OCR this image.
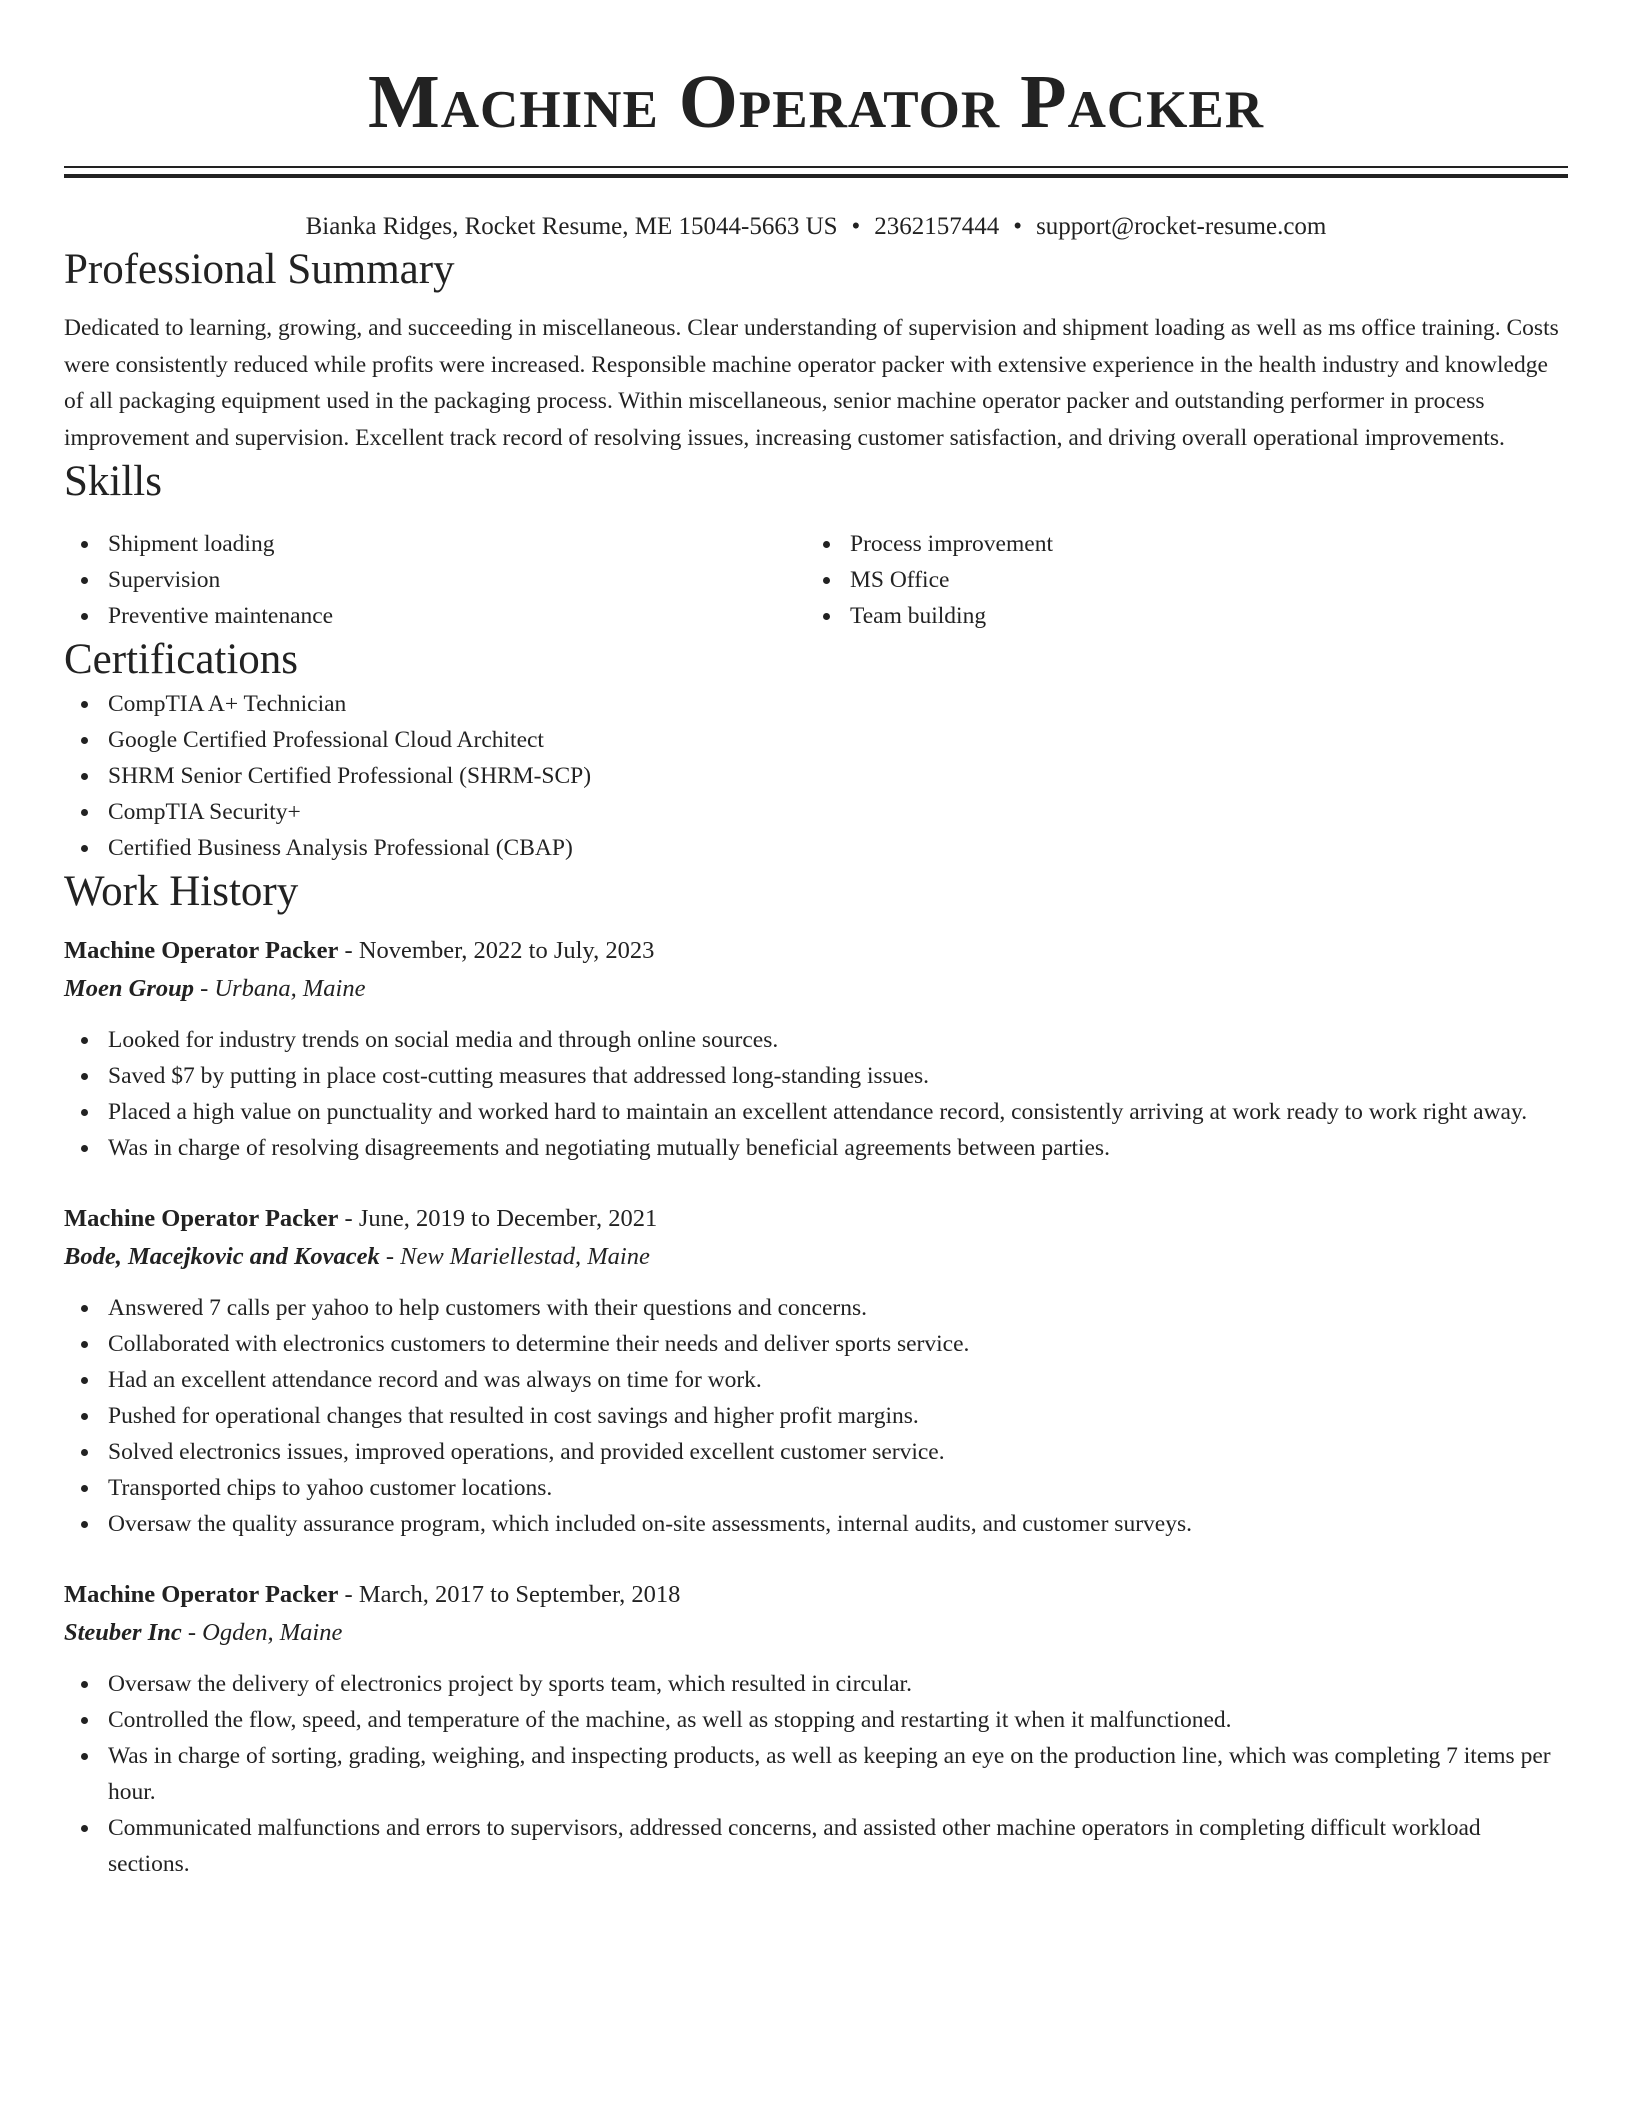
Machine Operator Packer
Bianka Ridges, Rocket Resume, ME 15044-5663 US • 2362157444 • support@rocket-resume.com
Professional Summary

Dedicated to learning, growing, and succeeding in miscellaneous. Clear understanding of supervision and shipment loading as well as ms office training. Costs were consistently reduced while profits were increased. Responsible machine operator packer with extensive experience in the health industry and knowledge of all packaging equipment used in the packaging process. Within miscellaneous, senior machine operator packer and outstanding performer in process improvement and supervision. Excellent track record of resolving issues, increasing customer satisfaction, and driving overall operational improvements.

Skills
Shipment loading
Supervision
Preventive maintenance
Process improvement
MS Office
Team building
Certifications
CompTIA A+ Technician
Google Certified Professional Cloud Architect
SHRM Senior Certified Professional (SHRM-SCP)
CompTIA Security+
Certified Business Analysis Professional (CBAP)
Work History
Machine Operator Packer - November, 2022 to July, 2023
Moen Group - Urbana, Maine
Looked for industry trends on social media and through online sources.
Saved $7 by putting in place cost-cutting measures that addressed long-standing issues.
Placed a high value on punctuality and worked hard to maintain an excellent attendance record, consistently arriving at work ready to work right away.
Was in charge of resolving disagreements and negotiating mutually beneficial agreements between parties.
Machine Operator Packer - June, 2019 to December, 2021
Bode, Macejkovic and Kovacek - New Mariellestad, Maine
Answered 7 calls per yahoo to help customers with their questions and concerns.
Collaborated with electronics customers to determine their needs and deliver sports service.
Had an excellent attendance record and was always on time for work.
Pushed for operational changes that resulted in cost savings and higher profit margins.
Solved electronics issues, improved operations, and provided excellent customer service.
Transported chips to yahoo customer locations.
Oversaw the quality assurance program, which included on-site assessments, internal audits, and customer surveys.
Machine Operator Packer - March, 2017 to September, 2018
Steuber Inc - Ogden, Maine
Oversaw the delivery of electronics project by sports team, which resulted in circular.
Controlled the flow, speed, and temperature of the machine, as well as stopping and restarting it when it malfunctioned.
Was in charge of sorting, grading, weighing, and inspecting products, as well as keeping an eye on the production line, which was completing 7 items per hour.
Communicated malfunctions and errors to supervisors, addressed concerns, and assisted other machine operators in completing difficult workload sections.
